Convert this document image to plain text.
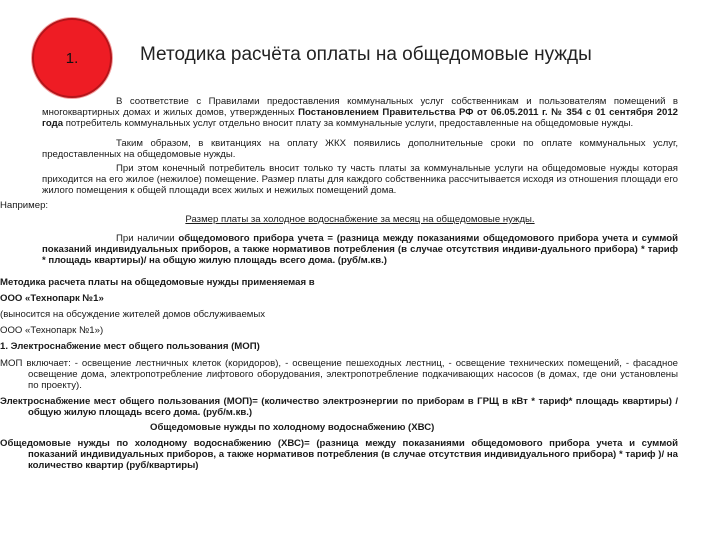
1.	Методика расчёта оплаты на общедомовые нужды

В соответствие с Правилами предоставления коммунальных услуг собственникам и пользователям помещений в многоквартирных домах и жилых домов, утвержденных Постановлением Правительства РФ от 06.05.2011 г. № 354 с 01 сентября 2012 года потребитель коммунальных услуг отдельно вносит плату за коммунальные услуги, предоставленные на общедомовые нужды.

Таким образом, в квитанциях на оплату ЖКХ появились дополнительные сроки по оплате коммунальных услуг, предоставленных на общедомовые нужды.

При этом конечный потребитель вносит только ту часть платы за коммунальные услуги на общедомовые нужды которая приходится на его жилое (нежилое) помещение. Размер платы для каждого собственника рассчитывается исходя из отношения площади его жилого помещения к общей площади всех жилых и нежилых помещений дома.

Например:

Размер платы за холодное водоснабжение за месяц на общедомовые нужды.

При наличии общедомового прибора учета = (разница между показаниями общедомового прибора учета и суммой показаний индивидуальных приборов, а также нормативов потребления (в случае отсутствия индиви-дуального прибора) * тариф * площадь квартиры)/ на общую жилую площадь всего дома. (руб/м.кв.)

Методика расчета платы на общедомовые нужды применяемая в

ООО «Технопарк №1»

(выносится на обсуждение жителей домов обслуживаемых

ООО «Технопарк №1»)

1. Электроснабжение мест общего пользования (МОП)

МОП включает: - освещение лестничных клеток (коридоров), - освещение пешеходных лестниц, - освещение технических помещений, - фасадное освещение дома, электропотребление лифтового оборудования, электропотребление подкачивающих насосов (в домах, где они установлены по проекту).

Электроснабжение мест общего пользования (МОП)= (количество электроэнергии по приборам в ГРЩ в кВт * тариф* площадь квартиры) / общую жилую площадь всего дома. (руб/м.кв.)

Общедомовые нужды по холодному водоснабжению (ХВС)

Общедомовые нужды по холодному водоснабжению (ХВС)= (разница между показаниями общедомового прибора учета и суммой показаний индивидуальных приборов, а также нормативов потребления (в случае отсутствия индивидуального прибора) * тариф )/ на количество квартир (руб/квартиры)
